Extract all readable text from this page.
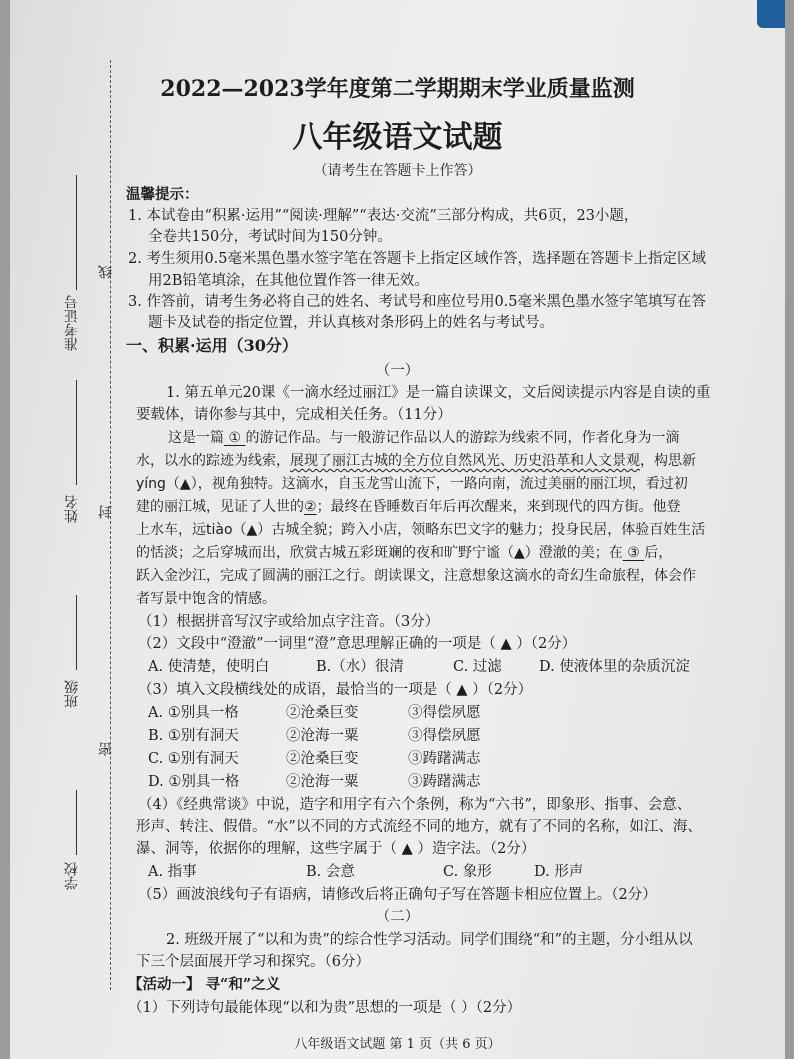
准考证号
线
姓名 封
班级
密
学校
2022—2023学年度第二学期期末学业质量监测
八年级语文试题
（请考生在答题卡上作答）
温馨提示：
1. 本试卷由“积累·运用”“阅读·理解”“表达·交流”三部分构成，共6页，23小题，
全卷共150分，考试时间为150分钟。
2. 考生须用0.5毫米黑色墨水签字笔在答题卡上指定区域作答，选择题在答题卡上指定区域
用2B铅笔填涂，在其他位置作答一律无效。
3. 作答前，请考生务必将自己的姓名、考试号和座位号用0.5毫米黑色墨水签字笔填写在答
题卡及试卷的指定位置，并认真核对条形码上的姓名与考试号。
一、积累·运用（30分）
（一）
1. 第五单元20课《一滴水经过丽江》是一篇自读课文，文后阅读提示内容是自读的重
要载体，请你参与其中，完成相关任务。（11分）
这是一篇 ① 的游记作品。与一般游记作品以人的游踪为线索不同，作者化身为一滴
水，以水的踪迹为线索，展现了丽江古城的全方位自然风光、历史沿革和人文景观，构思新
yíng（▲），视角独特。这滴水，自玉龙雪山流下，一路向南，流过美丽的丽江坝，看过初
建的丽江城，见证了人世的②；最终在昏睡数百年后再次醒来，来到现代的四方街。他登
上水车，远tiào（▲）古城全貌；跨入小店，领略东巴文字的魅力；投身民居，体验百姓生活
的恬淡；之后穿城而出，欣赏古城五彩斑斓的夜和旷野宁谧（▲）澄澈的美；在 ③ 后，
跃入金沙江，完成了圆满的丽江之行。朗读课文，注意想象这滴水的奇幻生命旅程，体会作
者写景中饱含的情感。
（1）根据拼音写汉字或给加点字注音。（3分）
（2）文段中“澄澈”一词里“澄”意思理解正确的一项是（ ▲ ）（2分）
A. 使清楚，使明白	B.（水）很清	C. 过滤	D. 使液体里的杂质沉淀
（3）填入文段横线处的成语，最恰当的一项是（ ▲ ）（2分）
A. ①别具一格	②沧桑巨变	③得偿夙愿
B. ①别有洞天	②沧海一粟	③得偿夙愿
C. ①别有洞天	②沧桑巨变	③踌躇满志
D. ①别具一格	②沧海一粟	③踌躇满志
（4）《经典常谈》中说，造字和用字有六个条例，称为“六书”，即象形、指事、会意、
形声、转注、假借。“水”以不同的方式流经不同的地方，就有了不同的名称，如江、海、
瀑、洞等，依据你的理解，这些字属于（ ▲ ）造字法。（2分）
A. 指事	B. 会意	C. 象形	D. 形声
（5）画波浪线句子有语病，请修改后将正确句子写在答题卡相应位置上。（2分）
（二）
2. 班级开展了“以和为贵”的综合性学习活动。同学们围绕“和”的主题，分小组从以
下三个层面展开学习和探究。（6分）
【活动一】 寻“和”之义
（1）下列诗句最能体现“以和为贵”思想的一项是（ ）（2分）
八年级语文试题 第 1 页（共 6 页）
